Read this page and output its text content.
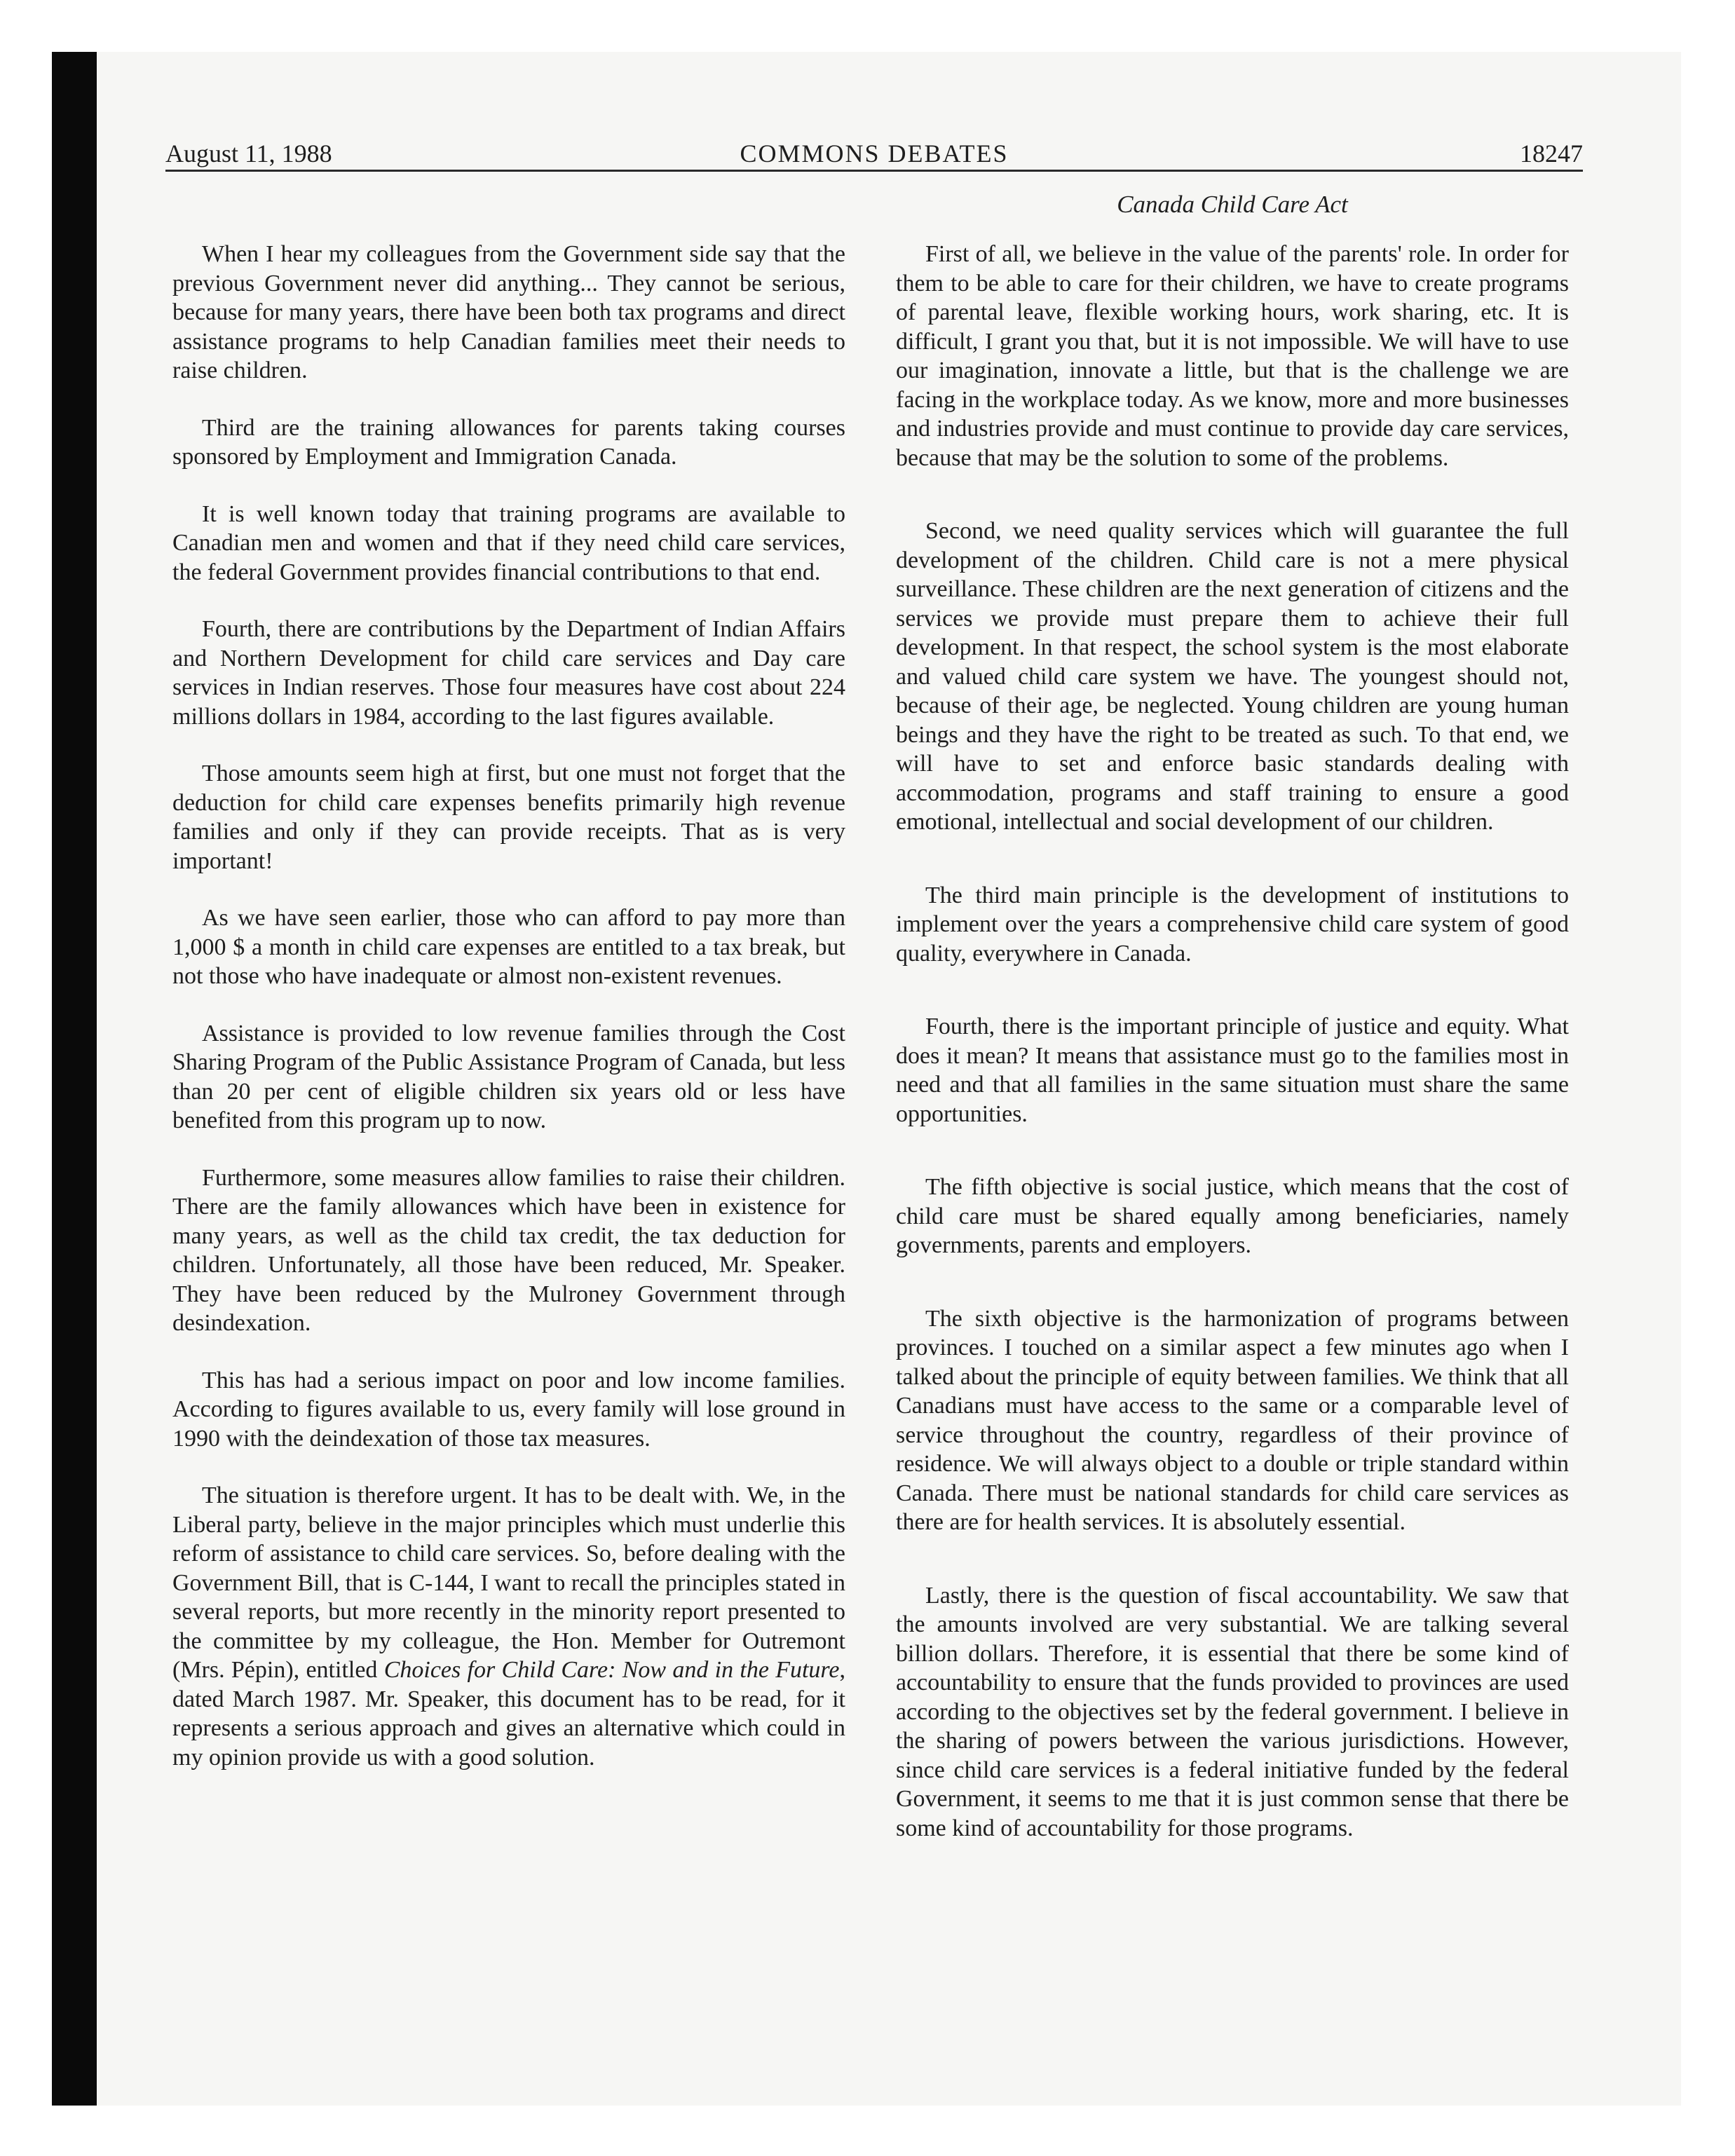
August 11, 1988	COMMONS DEBATES	18247

When I hear my colleagues from the Government side say that the previous Government never did anything... They cannot be serious, because for many years, there have been both tax programs and direct assistance programs to help Canadian families meet their needs to raise children.

Third are the training allowances for parents taking courses sponsored by Employment and Immigration Canada.

It is well known today that training programs are available to Canadian men and women and that if they need child care services, the federal Government provides financial contributions to that end.

Fourth, there are contributions by the Department of Indian Affairs and Northern Development for child care services and Day care services in Indian reserves. Those four measures have cost about 224 millions dollars in 1984, according to the last figures available.

Those amounts seem high at first, but one must not forget that the deduction for child care expenses benefits primarily high revenue families and only if they can provide receipts. That as is very important!

As we have seen earlier, those who can afford to pay more than 1,000 $ a month in child care expenses are entitled to a tax break, but not those who have inadequate or almost non-existent revenues.

Assistance is provided to low revenue families through the Cost Sharing Program of the Public Assistance Program of Canada, but less than 20 per cent of eligible children six years old or less have benefited from this program up to now.

Furthermore, some measures allow families to raise their children. There are the family allowances which have been in existence for many years, as well as the child tax credit, the tax deduction for children. Unfortunately, all those have been reduced, Mr. Speaker. They have been reduced by the Mulroney Government through desindexation.

This has had a serious impact on poor and low income families. According to figures available to us, every family will lose ground in 1990 with the deindexation of those tax measures.

The situation is therefore urgent. It has to be dealt with. We, in the Liberal party, believe in the major principles which must underlie this reform of assistance to child care services. So, before dealing with the Government Bill, that is C-144, I want to recall the principles stated in several reports, but more recently in the minority report presented to the committee by my colleague, the Hon. Member for Outremont (Mrs. Pépin), entitled Choices for Child Care: Now and in the Future, dated March 1987. Mr. Speaker, this document has to be read, for it represents a serious approach and gives an alternative which could in my opinion provide us with a good solution.

Canada Child Care Act

First of all, we believe in the value of the parents' role. In order for them to be able to care for their children, we have to create programs of parental leave, flexible working hours, work sharing, etc. It is difficult, I grant you that, but it is not impossible. We will have to use our imagination, innovate a little, but that is the challenge we are facing in the workplace today. As we know, more and more businesses and industries provide and must continue to provide day care services, because that may be the solution to some of the problems.

Second, we need quality services which will guarantee the full development of the children. Child care is not a mere physical surveillance. These children are the next generation of citizens and the services we provide must prepare them to achieve their full development. In that respect, the school system is the most elaborate and valued child care system we have. The youngest should not, because of their age, be neglected. Young children are young human beings and they have the right to be treated as such. To that end, we will have to set and enforce basic standards dealing with accommodation, programs and staff training to ensure a good emotional, intellectual and social development of our children.

The third main principle is the development of institutions to implement over the years a comprehensive child care system of good quality, everywhere in Canada.

Fourth, there is the important principle of justice and equity. What does it mean? It means that assistance must go to the families most in need and that all families in the same situation must share the same opportunities.

The fifth objective is social justice, which means that the cost of child care must be shared equally among beneficiaries, namely governments, parents and employers.

The sixth objective is the harmonization of programs between provinces. I touched on a similar aspect a few minutes ago when I talked about the principle of equity between families. We think that all Canadians must have access to the same or a comparable level of service throughout the country, regardless of their province of residence. We will always object to a double or triple standard within Canada. There must be national standards for child care services as there are for health services. It is absolutely essential.

Lastly, there is the question of fiscal accountability. We saw that the amounts involved are very substantial. We are talking several billion dollars. Therefore, it is essential that there be some kind of accountability to ensure that the funds provided to provinces are used according to the objectives set by the federal government. I believe in the sharing of powers between the various jurisdictions. However, since child care services is a federal initiative funded by the federal Government, it seems to me that it is just common sense that there be some kind of accountability for those programs.
